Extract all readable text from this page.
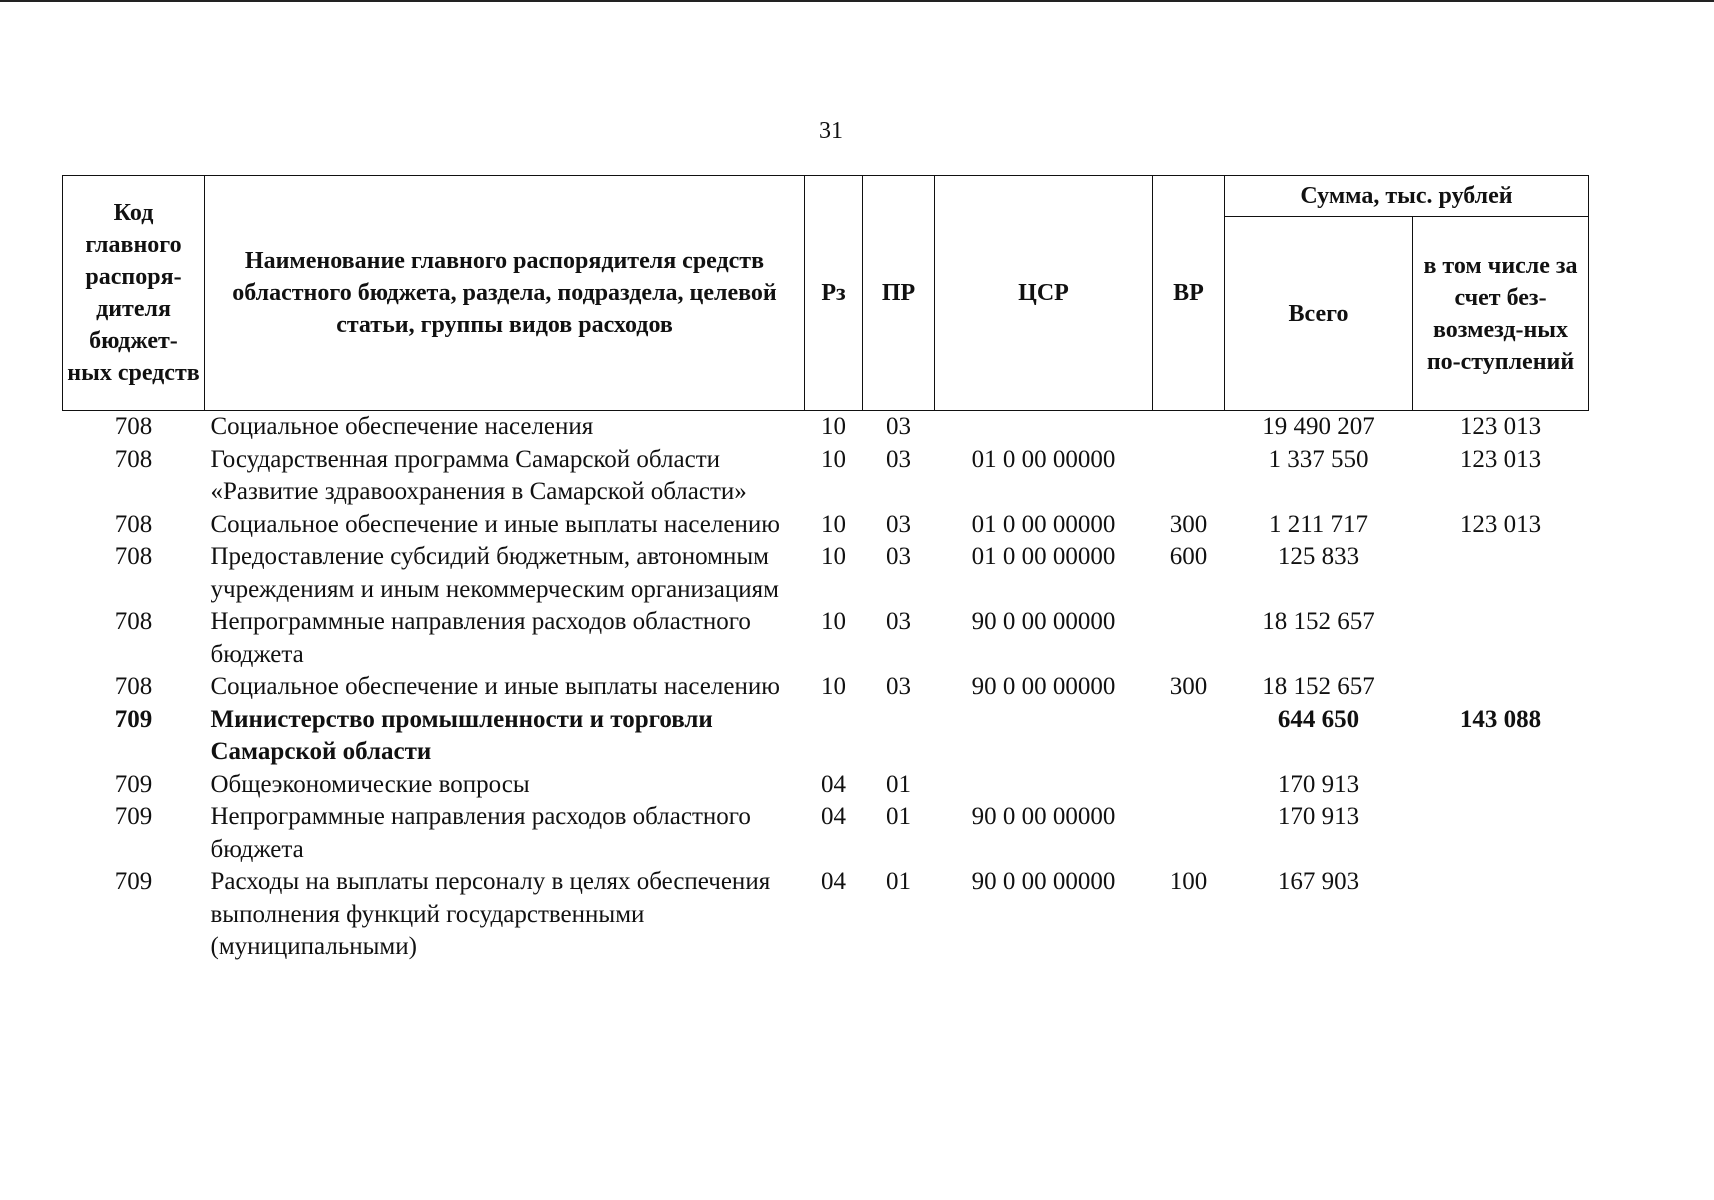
31
Код главного распоря-дителя бюджет-ных средств	Наименование главного распорядителя средств областного бюджета, раздела, подраздела, целевой статьи, группы видов расходов	Рз	ПР	ЦСР	ВР	Сумма, тыс. рублей	
						Всего	в том числе за счет без-возмезд-ных по-ступлений
708	Социальное обеспечение населения	10	03			19 490 207	123 013
708	Государственная программа Самарской области «Развитие здравоохранения в Самарской области»	10	03	01 0 00 00000		1 337 550	123 013
708	Социальное обеспечение и иные выплаты населению	10	03	01 0 00 00000	300	1 211 717	123 013
708	Предоставление субсидий бюджетным, автономным учреждениям и иным некоммерческим организациям	10	03	01 0 00 00000	600	125 833	
708	Непрограммные направления расходов областного бюджета	10	03	90 0 00 00000		18 152 657	
708	Социальное обеспечение и иные выплаты населению	10	03	90 0 00 00000	300	18 152 657	
709	Министерство промышленности и торговли Самарской области					644 650	143 088
709	Общеэкономические вопросы	04	01			170 913	
709	Непрограммные направления расходов областного бюджета	04	01	90 0 00 00000		170 913	
709	Расходы на выплаты персоналу в целях обеспечения выполнения функций государственными (муниципальными)	04	01	90 0 00 00000	100	167 903	
